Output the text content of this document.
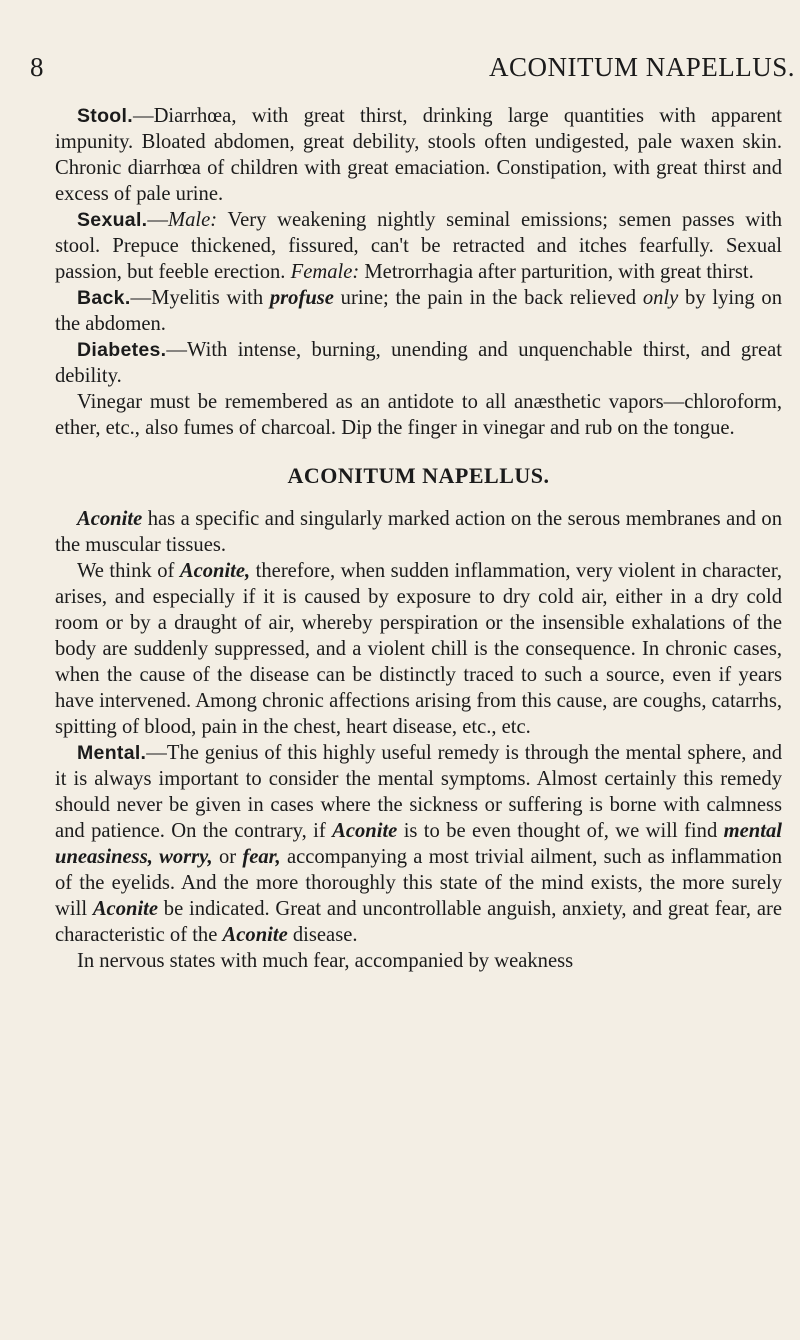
8	ACONITUM NAPELLUS.

Stool.—Diarrhœa, with great thirst, drinking large quantities with apparent impunity. Bloated abdomen, great debility, stools often undigested, pale waxen skin. Chronic diarrhœa of children with great emaciation. Constipation, with great thirst and excess of pale urine.

Sexual.—Male: Very weakening nightly seminal emissions; semen passes with stool. Prepuce thickened, fissured, can't be retracted and itches fearfully. Sexual passion, but feeble erection. Female: Metrorrhagia after parturition, with great thirst.

Back.—Myelitis with profuse urine; the pain in the back relieved only by lying on the abdomen.

Diabetes.—With intense, burning, unending and unquenchable thirst, and great debility.

Vinegar must be remembered as an antidote to all anæsthetic vapors—chloroform, ether, etc., also fumes of charcoal. Dip the finger in vinegar and rub on the tongue.

ACONITUM NAPELLUS.

Aconite has a specific and singularly marked action on the serous membranes and on the muscular tissues.

We think of Aconite, therefore, when sudden inflammation, very violent in character, arises, and especially if it is caused by exposure to dry cold air, either in a dry cold room or by a draught of air, whereby perspiration or the insensible exhalations of the body are suddenly suppressed, and a violent chill is the consequence. In chronic cases, when the cause of the disease can be distinctly traced to such a source, even if years have intervened. Among chronic affections arising from this cause, are coughs, catarrhs, spitting of blood, pain in the chest, heart disease, etc., etc.

Mental.—The genius of this highly useful remedy is through the mental sphere, and it is always important to consider the mental symptoms. Almost certainly this remedy should never be given in cases where the sickness or suffering is borne with calmness and patience. On the contrary, if Aconite is to be even thought of, we will find mental uneasiness, worry, or fear, accompanying a most trivial ailment, such as inflammation of the eyelids. And the more thoroughly this state of the mind exists, the more surely will Aconite be indicated. Great and uncontrollable anguish, anxiety, and great fear, are characteristic of the Aconite disease.

In nervous states with much fear, accompanied by weakness
